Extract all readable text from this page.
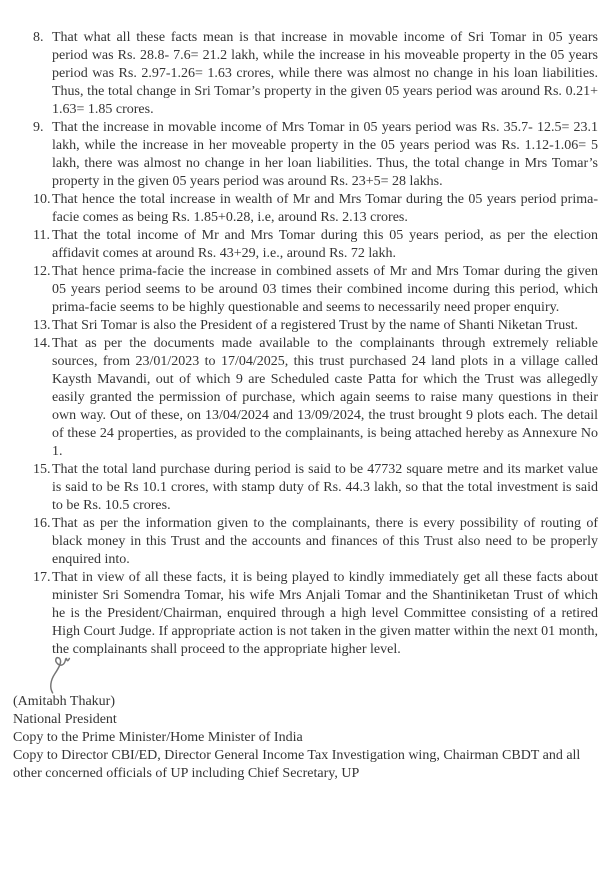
8. That what all these facts mean is that increase in movable income of Sri Tomar in 05 years period was Rs. 28.8- 7.6= 21.2 lakh, while the increase in his moveable property in the 05 years period was Rs. 2.97-1.26= 1.63 crores, while there was almost no change in his loan liabilities. Thus, the total change in Sri Tomar’s property in the given 05 years period was around Rs. 0.21+ 1.63= 1.85 crores.
9. That the increase in movable income of Mrs Tomar in 05 years period was Rs. 35.7- 12.5= 23.1 lakh, while the increase in her moveable property in the 05 years period was Rs. 1.12-1.06= 5 lakh, there was almost no change in her loan liabilities. Thus, the total change in Mrs Tomar’s property in the given 05 years period was around Rs. 23+5= 28 lakhs.
10. That hence the total increase in wealth of Mr and Mrs Tomar during the 05 years period prima-facie comes as being Rs. 1.85+0.28, i.e, around Rs. 2.13 crores.
11. That the total income of Mr and Mrs Tomar during this 05 years period, as per the election affidavit comes at around Rs. 43+29, i.e., around Rs. 72 lakh.
12. That hence prima-facie the increase in combined assets of Mr and Mrs Tomar during the given 05 years period seems to be around 03 times their combined income during this period, which prima-facie seems to be highly questionable and seems to necessarily need proper enquiry.
13. That Sri Tomar is also the President of a registered Trust by the name of Shanti Niketan Trust.
14. That as per the documents made available to the complainants through extremely reliable sources, from 23/01/2023 to 17/04/2025, this trust purchased 24 land plots in a village called Kaysth Mavandi, out of which 9 are Scheduled caste Patta for which the Trust was allegedly easily granted the permission of purchase, which again seems to raise many questions in their own way. Out of these, on 13/04/2024 and 13/09/2024, the trust brought 9 plots each. The detail of these 24 properties, as provided to the complainants, is being attached hereby as Annexure No 1.
15. That the total land purchase during period is said to be 47732 square metre and its market value is said to be Rs 10.1 crores, with stamp duty of Rs. 44.3 lakh, so that the total investment is said to be Rs. 10.5 crores.
16. That as per the information given to the complainants, there is every possibility of routing of black money in this Trust and the accounts and finances of this Trust also need to be properly enquired into.
17. That in view of all these facts, it is being played to kindly immediately get all these facts about minister Sri Somendra Tomar, his wife Mrs Anjali Tomar and the Shantiniketan Trust of which he is the President/Chairman, enquired through a high level Committee consisting of a retired High Court Judge. If appropriate action is not taken in the given matter within the next 01 month, the complainants shall proceed to the appropriate higher level.
(Amitabh Thakur)
National President
Copy to the Prime Minister/Home Minister of India
Copy to Director CBI/ED, Director General Income Tax Investigation wing, Chairman CBDT and all other concerned officials of UP including Chief Secretary, UP
